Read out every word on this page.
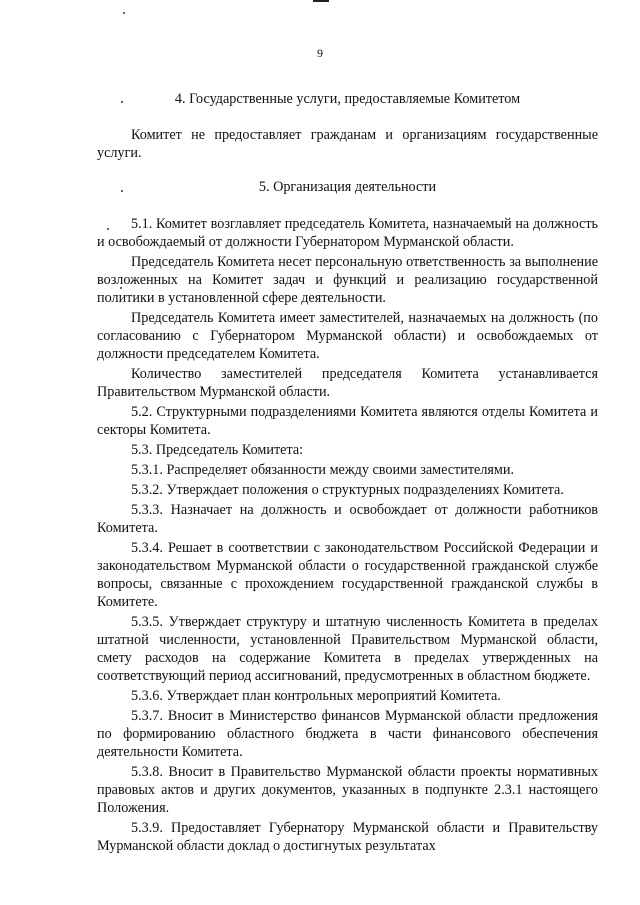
9
4. Государственные услуги, предоставляемые Комитетом

Комитет не предоставляет гражданам и организациям государственные услуги.

5. Организация деятельности

5.1. Комитет возглавляет председатель Комитета, назначаемый на должность и освобождаемый от должности Губернатором Мурманской области.

Председатель Комитета несет персональную ответственность за выполнение возложенных на Комитет задач и функций и реализацию государственной политики в установленной сфере деятельности.

Председатель Комитета имеет заместителей, назначаемых на должность (по согласованию с Губернатором Мурманской области) и освобождаемых от должности председателем Комитета.

Количество заместителей председателя Комитета устанавливается Правительством Мурманской области.

5.2. Структурными подразделениями Комитета являются отделы Комитета и секторы Комитета.

5.3. Председатель Комитета:

5.3.1. Распределяет обязанности между своими заместителями.

5.3.2. Утверждает положения о структурных подразделениях Комитета.

5.3.3. Назначает на должность и освобождает от должности работников Комитета.

5.3.4. Решает в соответствии с законодательством Российской Федерации и законодательством Мурманской области о государственной гражданской службе вопросы, связанные с прохождением государственной гражданской службы в Комитете.

5.3.5. Утверждает структуру и штатную численность Комитета в пределах штатной численности, установленной Правительством Мурманской области, смету расходов на содержание Комитета в пределах утвержденных на соответствующий период ассигнований, предусмотренных в областном бюджете.

5.3.6. Утверждает план контрольных мероприятий Комитета.

5.3.7. Вносит в Министерство финансов Мурманской области предложения по формированию областного бюджета в части финансового обеспечения деятельности Комитета.

5.3.8. Вносит в Правительство Мурманской области проекты нормативных правовых актов и других документов, указанных в подпункте 2.3.1 настоящего Положения.

5.3.9. Предоставляет Губернатору Мурманской области и Правительству Мурманской области доклад о достигнутых результатах
